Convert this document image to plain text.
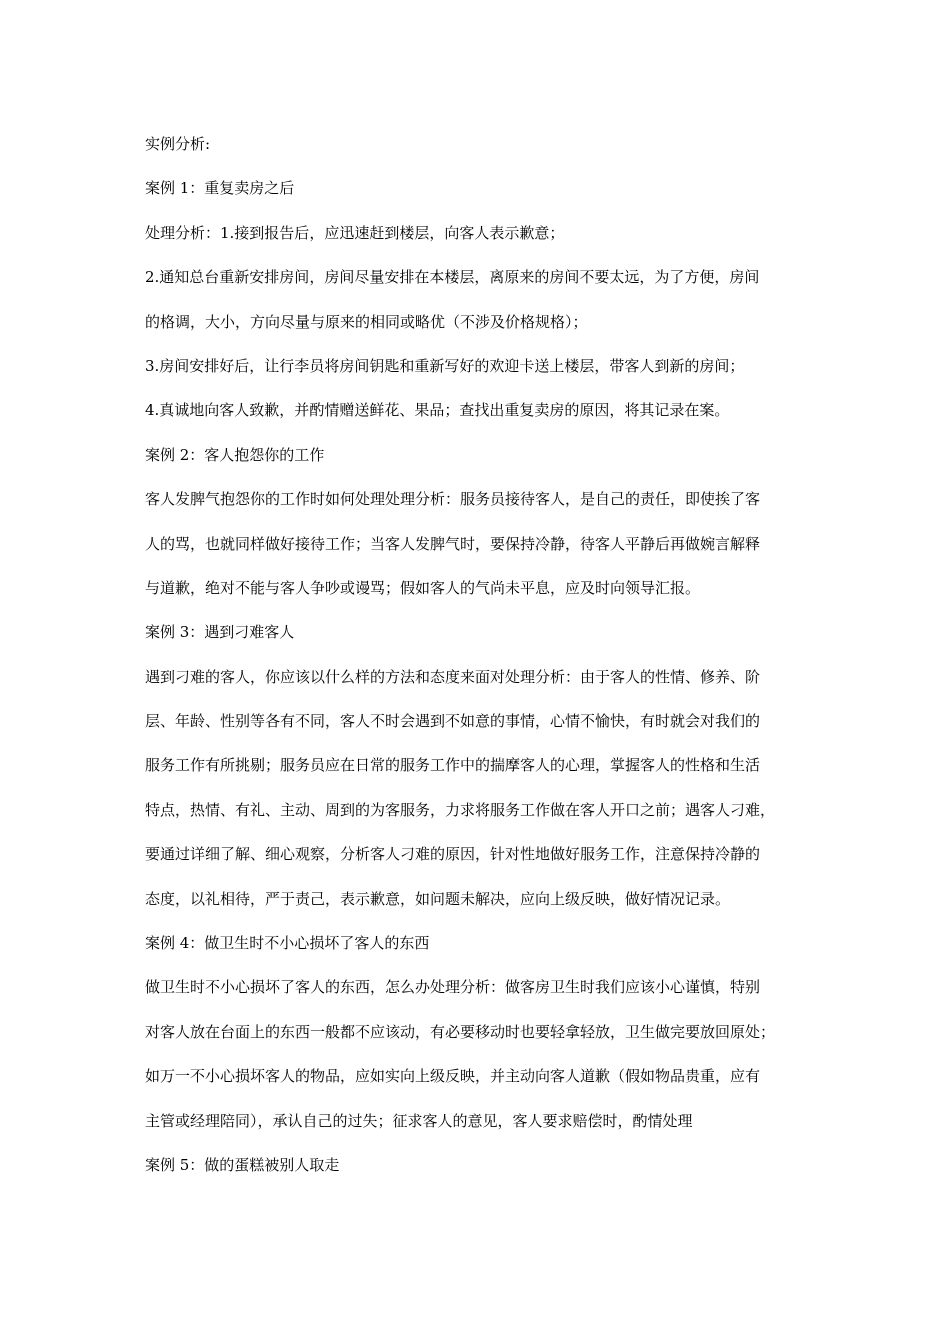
实例分析:
案例 1：重复卖房之后
处理分析：1.接到报告后，应迅速赶到楼层，向客人表示歉意；
2.通知总台重新安排房间，房间尽量安排在本楼层，离原来的房间不要太远，为了方便，房间
的格调，大小，方向尽量与原来的相同或略优（不涉及价格规格）；
3.房间安排好后，让行李员将房间钥匙和重新写好的欢迎卡送上楼层，带客人到新的房间；
4.真诚地向客人致歉，并酌情赠送鲜花、果品；查找出重复卖房的原因，将其记录在案。
案例 2：客人抱怨你的工作
客人发脾气抱怨你的工作时如何处理处理分析：服务员接待客人，是自己的责任，即使挨了客
人的骂，也就同样做好接待工作；当客人发脾气时，要保持冷静，待客人平静后再做婉言解释
与道歉，绝对不能与客人争吵或谩骂；假如客人的气尚未平息，应及时向领导汇报。
案例 3：遇到刁难客人
遇到刁难的客人，你应该以什么样的方法和态度来面对处理分析：由于客人的性情、修养、阶
层、年龄、性别等各有不同，客人不时会遇到不如意的事情，心情不愉快，有时就会对我们的
服务工作有所挑剔；服务员应在日常的服务工作中的揣摩客人的心理，掌握客人的性格和生活
特点，热情、有礼、主动、周到的为客服务，力求将服务工作做在客人开口之前；遇客人刁难，
要通过详细了解、细心观察，分析客人刁难的原因，针对性地做好服务工作，注意保持冷静的
态度，以礼相待，严于责己，表示歉意，如问题未解决，应向上级反映，做好情况记录。
案例 4：做卫生时不小心损坏了客人的东西
做卫生时不小心损坏了客人的东西，怎么办处理分析：做客房卫生时我们应该小心谨慎，特别
对客人放在台面上的东西一般都不应该动，有必要移动时也要轻拿轻放，卫生做完要放回原处；
如万一不小心损坏客人的物品，应如实向上级反映，并主动向客人道歉（假如物品贵重，应有
主管或经理陪同），承认自己的过失；征求客人的意见，客人要求赔偿时，酌情处理
案例 5：做的蛋糕被别人取走
